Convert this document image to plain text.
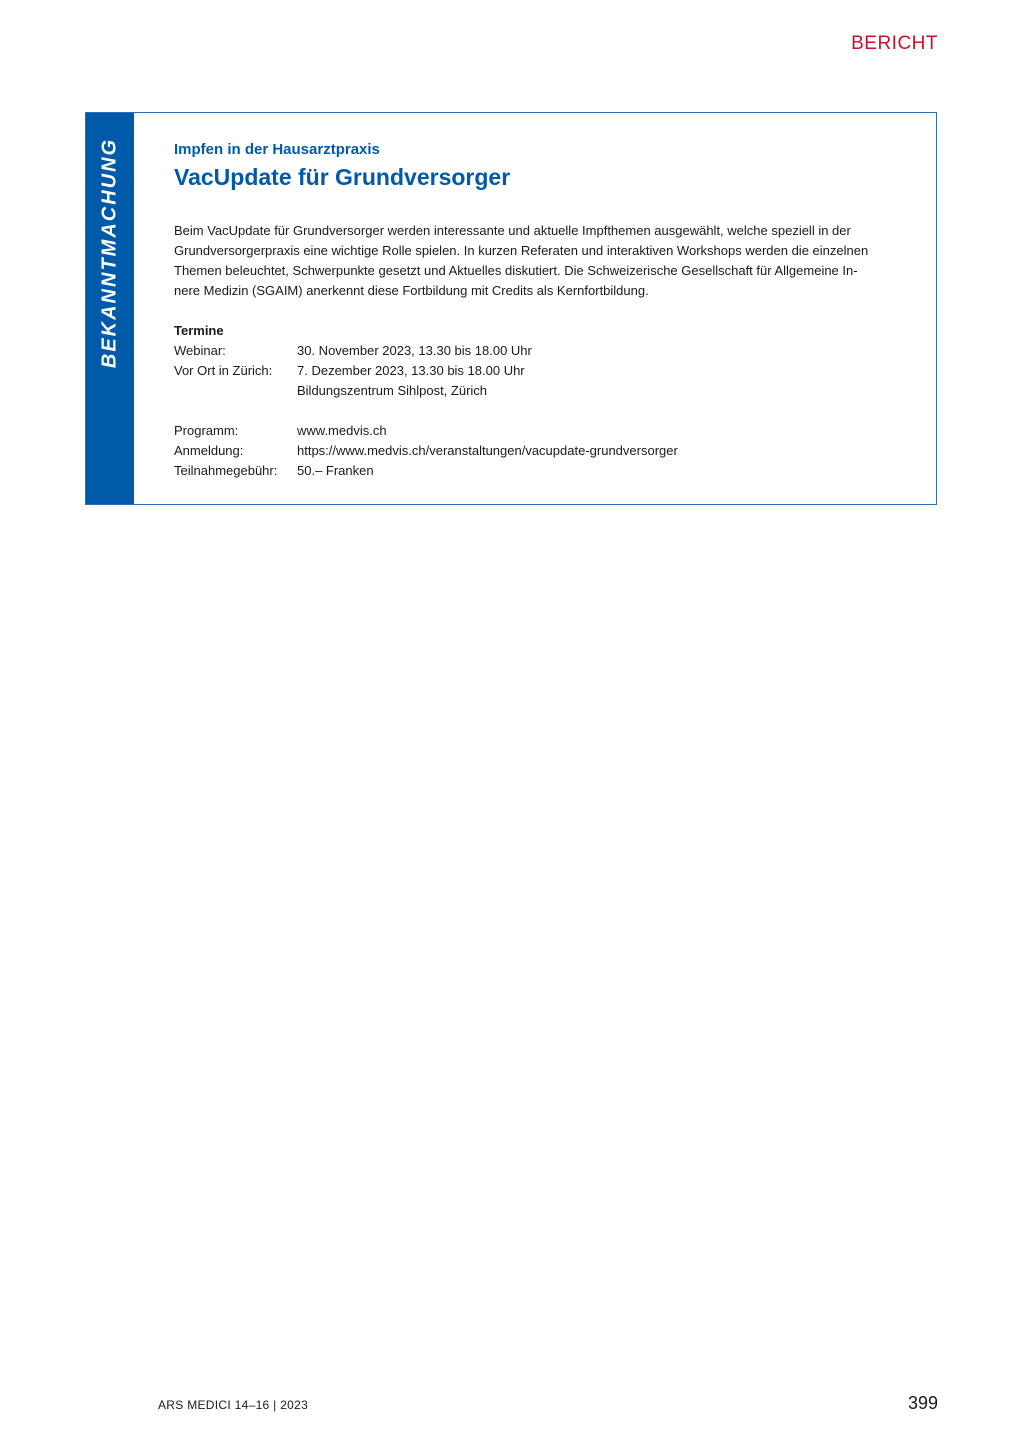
BERICHT
BEKANNTMACHUNG	Impfen in der Hausarztpraxis
VacUpdate für Grundversorger
Beim VacUpdate für Grundversorger werden interessante und aktuelle Impfthemen ausgewählt, welche speziell in der
Grundversorgerpraxis eine wichtige Rolle spielen. In kurzen Referaten und interaktiven Workshops werden die einzelnen
Themen beleuchtet, Schwerpunkte gesetzt und Aktuelles diskutiert. Die Schweizerische Gesellschaft für Allgemeine In-
nere Medizin (SGAIM) anerkennt diese Fortbildung mit Credits als Kernfortbildung.
Termine
Webinar:	30. November 2023, 13.30 bis 18.00 Uhr
Vor Ort in Zürich:	7. Dezember 2023, 13.30 bis 18.00 Uhr
Bildungszentrum Sihlpost, Zürich
Programm:	www.medvis.ch
Anmeldung:	https://www.medvis.ch/veranstaltungen/vacupdate-grundversorger
Teilnahmegebühr:	50.– Franken
ARS MEDICI 14–16 | 2023	399
